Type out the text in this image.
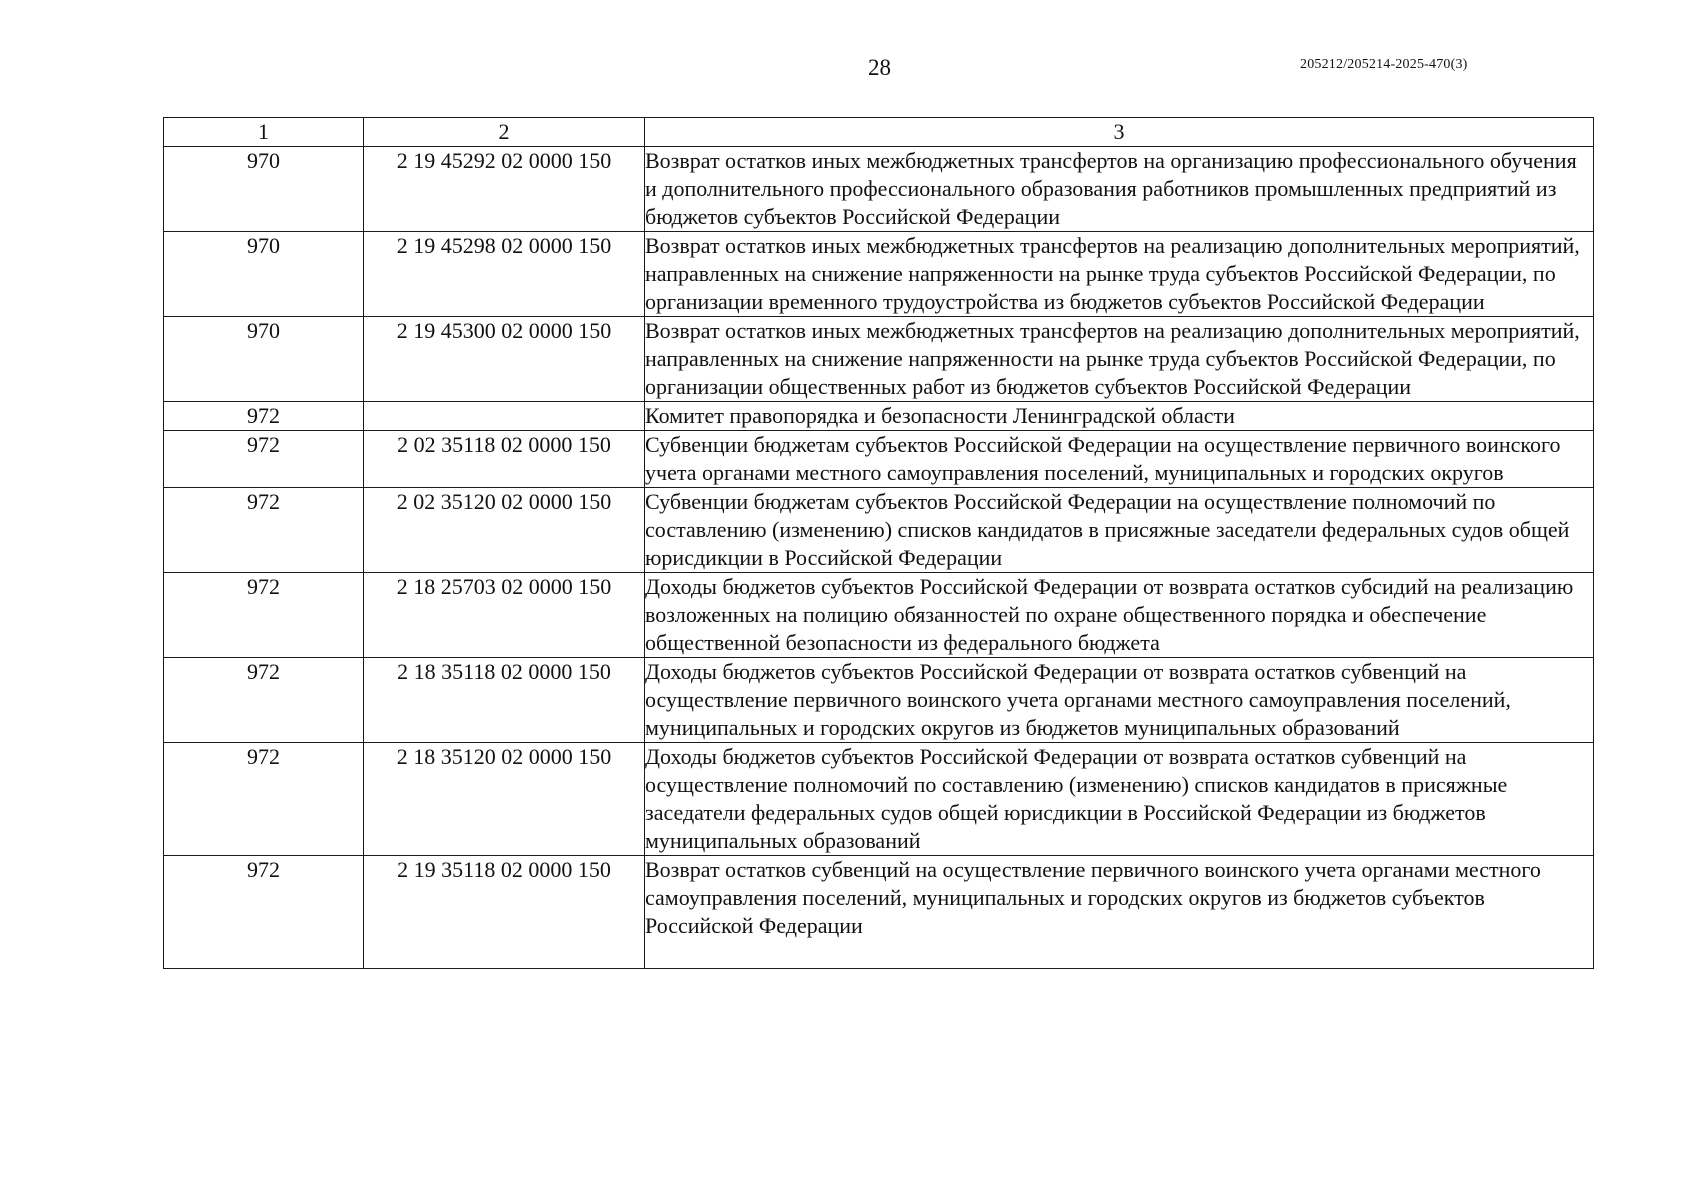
28	205212/205214-2025-470(3)
1	2	3
970	2 19 45292 02 0000 150	Возврат остатков иных межбюджетных трансфертов на организацию профессионального обучения и дополнительного профессионального образования работников промышленных предприятий из бюджетов субъектов Российской Федерации
970	2 19 45298 02 0000 150	Возврат остатков иных межбюджетных трансфертов на реализацию дополнительных мероприятий, направленных на снижение напряженности на рынке труда субъектов Российской Федерации, по организации временного трудоустройства из бюджетов субъектов Российской Федерации
970	2 19 45300 02 0000 150	Возврат остатков иных межбюджетных трансфертов на реализацию дополнительных мероприятий, направленных на снижение напряженности на рынке труда субъектов Российской Федерации, по организации общественных работ из бюджетов субъектов Российской Федерации
972		Комитет правопорядка и безопасности Ленинградской области
972	2 02 35118 02 0000 150	Субвенции бюджетам субъектов Российской Федерации на осуществление первичного воинского учета органами местного самоуправления поселений, муниципальных и городских округов
972	2 02 35120 02 0000 150	Субвенции бюджетам субъектов Российской Федерации на осуществление полномочий по составлению (изменению) списков кандидатов в присяжные заседатели федеральных судов общей юрисдикции в Российской Федерации
972	2 18 25703 02 0000 150	Доходы бюджетов субъектов Российской Федерации от возврата остатков субсидий на реализацию возложенных на полицию обязанностей по охране общественного порядка и обеспечение общественной безопасности из федерального бюджета
972	2 18 35118 02 0000 150	Доходы бюджетов субъектов Российской Федерации от возврата остатков субвенций на осуществление первичного воинского учета органами местного самоуправления поселений, муниципальных и городских округов из бюджетов муниципальных образований
972	2 18 35120 02 0000 150	Доходы бюджетов субъектов Российской Федерации от возврата остатков субвенций на осуществление полномочий по составлению (изменению) списков кандидатов в присяжные заседатели федеральных судов общей юрисдикции в Российской Федерации из бюджетов муниципальных образований
972	2 19 35118 02 0000 150	Возврат остатков субвенций на осуществление первичного воинского учета органами местного самоуправления поселений, муниципальных и городских округов из бюджетов субъектов Российской Федерации
